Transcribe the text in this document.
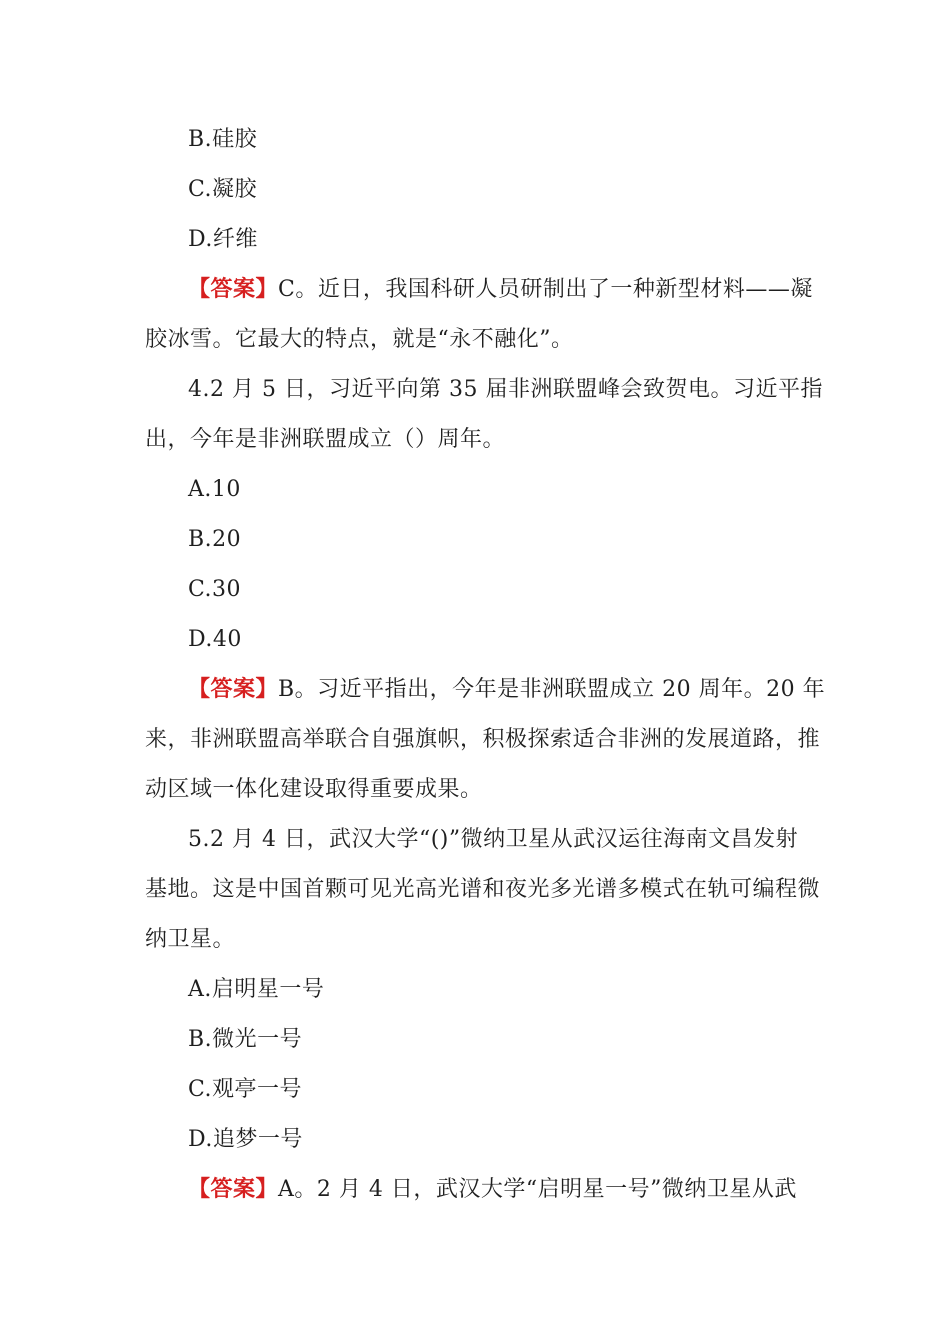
B.硅胶
C.凝胶
D.纤维
【答案】C。近日，我国科研人员研制出了一种新型材料——凝
胶冰雪。它最大的特点，就是“永不融化”。
4.2 月 5 日，习近平向第 35 届非洲联盟峰会致贺电。习近平指
出，今年是非洲联盟成立（）周年。
A.10
B.20
C.30
D.40
【答案】B。习近平指出，今年是非洲联盟成立 20 周年。20 年
来，非洲联盟高举联合自强旗帜，积极探索适合非洲的发展道路，推
动区域一体化建设取得重要成果。
5.2 月 4 日，武汉大学“()”微纳卫星从武汉运往海南文昌发射
基地。这是中国首颗可见光高光谱和夜光多光谱多模式在轨可编程微
纳卫星。
A.启明星一号
B.微光一号
C.观亭一号
D.追梦一号
【答案】A。2 月 4 日，武汉大学“启明星一号”微纳卫星从武
